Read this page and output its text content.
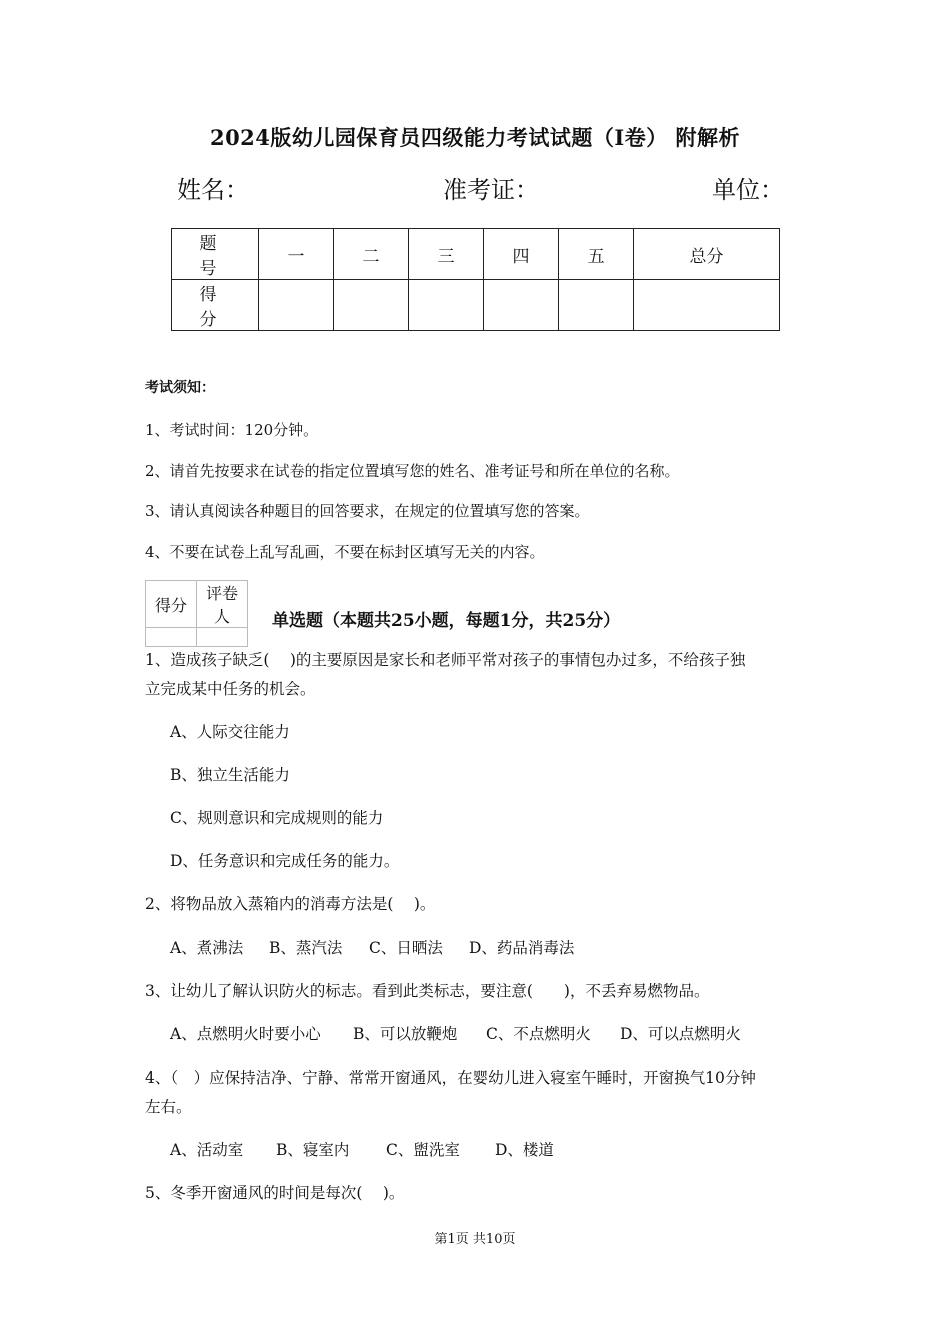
2024版幼儿园保育员四级能力考试试题（I卷） 附解析
姓名：	准考证：	单位：
题　号	一	二	三	四	五	总分
得　分						
考试须知：
1、考试时间：120分钟。
2、请首先按要求在试卷的指定位置填写您的姓名、准考证号和所在单位的名称。
3、请认真阅读各种题目的回答要求，在规定的位置填写您的答案。
4、不要在试卷上乱写乱画，不要在标封区填写无关的内容。
得分	评卷人
	单选题（本题共25小题，每题1分，共25分）
1、造成孩子缺乏(　 )的主要原因是家长和老师平常对孩子的事情包办过多，不给孩子独
立完成某中任务的机会。
A、人际交往能力
B、独立生活能力
C、规则意识和完成规则的能力
D、任务意识和完成任务的能力。
2、将物品放入蒸箱内的消毒方法是(　 )。
A、煮沸法 B、蒸汽法 C、日晒法 D、药品消毒法
3、让幼儿了解认识防火的标志。看到此类标志，要注意(　　)，不丢弃易燃物品。
A、点燃明火时要小心 B、可以放鞭炮 C、不点燃明火 D、可以点燃明火
4、（　）应保持洁净、宁静、常常开窗通风，在婴幼儿进入寝室午睡时，开窗换气10分钟
左右。
A、活动室 B、寝室内 C、盥洗室 D、楼道
5、冬季开窗通风的时间是每次(　 )。
第1页 共10页
